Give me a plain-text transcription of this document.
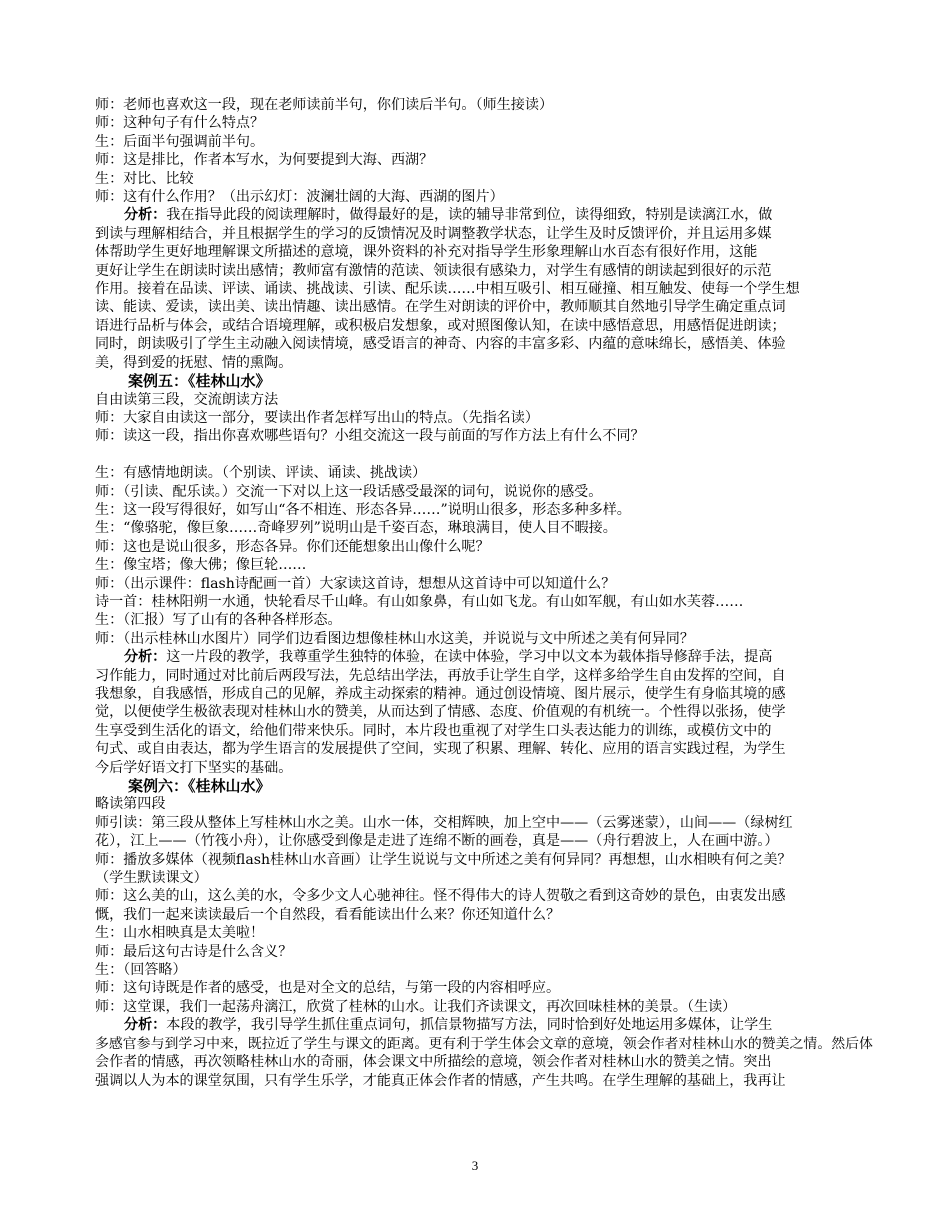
师：老师也喜欢这一段，现在老师读前半句，你们读后半句。（师生接读）
师：这种句子有什么特点？
生：后面半句强调前半句。
师：这是排比，作者本写水，为何要提到大海、西湖？
生：对比、比较
师：这有什么作用？（出示幻灯：波澜壮阔的大海、西湖的图片）
分析：我在指导此段的阅读理解时，做得最好的是，读的辅导非常到位，读得细致，特别是读漓江水，做
到读与理解相结合，并且根据学生的学习的反馈情况及时调整教学状态，让学生及时反馈评价，并且运用多媒
体帮助学生更好地理解课文所描述的意境，课外资料的补充对指导学生形象理解山水百态有很好作用，这能
更好让学生在朗读时读出感情；教师富有激情的范读、领读很有感染力，对学生有感情的朗读起到很好的示范
作用。接着在品读、评读、诵读、挑战读、引读、配乐读……中相互吸引、相互碰撞、相互触发、使每一个学生想
读、能读、爱读，读出美、读出情趣、读出感情。在学生对朗读的评价中，教师顺其自然地引导学生确定重点词
语进行品析与体会，或结合语境理解，或积极启发想象，或对照图像认知，在读中感悟意思，用感悟促进朗读；
同时，朗读吸引了学生主动融入阅读情境，感受语言的神奇、内容的丰富多彩、内蕴的意味绵长，感悟美、体验
美，得到爱的抚慰、情的熏陶。
案例五：《桂林山水》
自由读第三段，交流朗读方法
师：大家自由读这一部分，要读出作者怎样写出山的特点。（先指名读）
师：读这一段，指出你喜欢哪些语句？小组交流这一段与前面的写作方法上有什么不同？
生：有感情地朗读。（个别读、评读、诵读、挑战读）
师：（引读、配乐读。）交流一下对以上这一段话感受最深的词句，说说你的感受。
生：这一段写得很好，如写山“各不相连、形态各异……”说明山很多，形态多种多样。
生：“像骆驼，像巨象……奇峰罗列”说明山是千姿百态，琳琅满目，使人目不暇接。
师：这也是说山很多，形态各异。你们还能想象出山像什么呢？
生：像宝塔；像大佛；像巨轮……
师：（出示课件：flash诗配画一首）大家读这首诗，想想从这首诗中可以知道什么？
诗一首：桂林阳朔一水通，快轮看尽千山峰。有山如象鼻，有山如飞龙。有山如军舰，有山如水芙蓉……
生：（汇报）写了山有的各种各样形态。
师：（出示桂林山水图片）同学们边看图边想像桂林山水这美，并说说与文中所述之美有何异同？
分析：这一片段的教学，我尊重学生独特的体验，在读中体验，学习中以文本为载体指导修辞手法，提高
习作能力，同时通过对比前后两段写法，先总结出学法，再放手让学生自学，这样多给学生自由发挥的空间，自
我想象，自我感悟，形成自己的见解，养成主动探索的精神。通过创设情境、图片展示，使学生有身临其境的感
觉，以便使学生极欲表现对桂林山水的赞美，从而达到了情感、态度、价值观的有机统一。个性得以张扬，使学
生享受到生活化的语文，给他们带来快乐。同时，本片段也重视了对学生口头表达能力的训练，或模仿文中的
句式、或自由表达，都为学生语言的发展提供了空间，实现了积累、理解、转化、应用的语言实践过程，为学生
今后学好语文打下坚实的基础。
案例六：《桂林山水》
略读第四段
师引读：第三段从整体上写桂林山水之美。山水一体，交相辉映，加上空中——（云雾迷蒙），山间——（绿树红
花），江上——（竹筏小舟），让你感受到像是走进了连绵不断的画卷，真是——（舟行碧波上，人在画中游。）
师：播放多媒体（视频flash桂林山水音画）让学生说说与文中所述之美有何异同？再想想，山水相映有何之美？
（学生默读课文）
师：这么美的山，这么美的水，令多少文人心驰神往。怪不得伟大的诗人贺敬之看到这奇妙的景色，由衷发出感
慨，我们一起来读读最后一个自然段，看看能读出什么来？你还知道什么？
生：山水相映真是太美啦！
师：最后这句古诗是什么含义？
生：（回答略）
师：这句诗既是作者的感受，也是对全文的总结，与第一段的内容相呼应。
师：这堂课，我们一起荡舟漓江，欣赏了桂林的山水。让我们齐读课文，再次回味桂林的美景。（生读）
分析：本段的教学，我引导学生抓住重点词句，抓信景物描写方法，同时恰到好处地运用多媒体，让学生
多感官参与到学习中来，既拉近了学生与课文的距离。更有利于学生体会文章的意境，领会作者对桂林山水的赞美之情。然后体
会作者的情感，再次领略桂林山水的奇丽，体会课文中所描绘的意境，领会作者对桂林山水的赞美之情。突出
强调以人为本的课堂氛围，只有学生乐学，才能真正体会作者的情感，产生共鸣。在学生理解的基础上，我再让
3
